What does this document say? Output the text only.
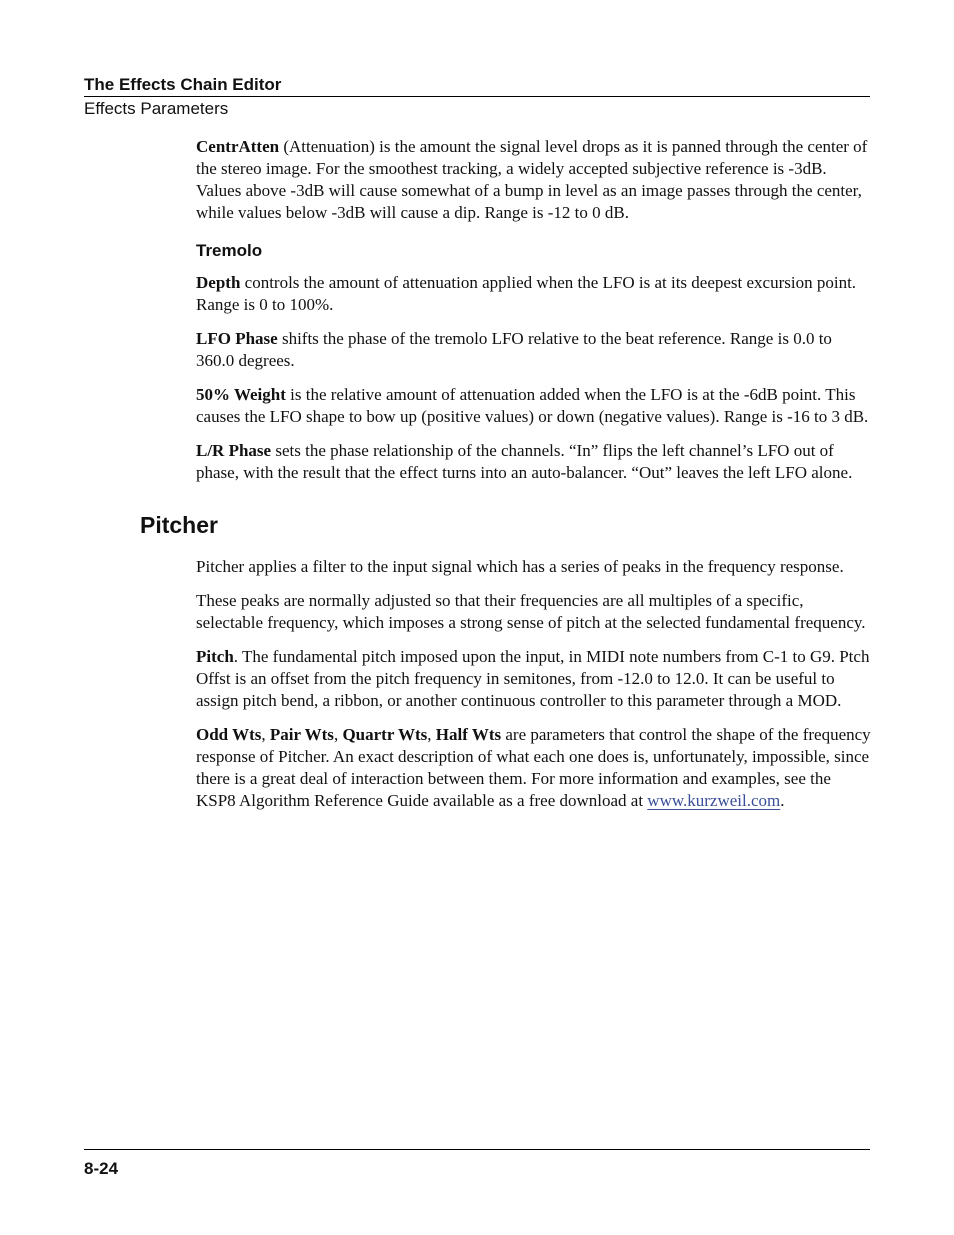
The Effects Chain Editor
Effects Parameters

CentrAtten (Attenuation) is the amount the signal level drops as it is panned through the center of the stereo image. For the smoothest tracking, a widely accepted subjective reference is -3dB. Values above -3dB will cause somewhat of a bump in level as an image passes through the center, while values below -3dB will cause a dip. Range is -12 to 0 dB.

Tremolo

Depth controls the amount of attenuation applied when the LFO is at its deepest excursion point. Range is 0 to 100%.

LFO Phase shifts the phase of the tremolo LFO relative to the beat reference. Range is 0.0 to 360.0 degrees.

50% Weight is the relative amount of attenuation added when the LFO is at the -6dB point. This causes the LFO shape to bow up (positive values) or down (negative values). Range is -16 to 3 dB.

L/R Phase sets the phase relationship of the channels. “In” flips the left channel’s LFO out of phase, with the result that the effect turns into an auto-balancer. “Out” leaves the left LFO alone.

Pitcher

Pitcher applies a filter to the input signal which has a series of peaks in the frequency response.

These peaks are normally adjusted so that their frequencies are all multiples of a specific, selectable frequency, which imposes a strong sense of pitch at the selected fundamental frequency.

Pitch. The fundamental pitch imposed upon the input, in MIDI note numbers from C-1 to G9. Ptch Offst is an offset from the pitch frequency in semitones, from -12.0 to 12.0. It can be useful to assign pitch bend, a ribbon, or another continuous controller to this parameter through a MOD.

Odd Wts, Pair Wts, Quartr Wts, Half Wts are parameters that control the shape of the frequency response of Pitcher. An exact description of what each one does is, unfortunately, impossible, since there is a great deal of interaction between them. For more information and examples, see the KSP8 Algorithm Reference Guide available as a free download at www.kurzweil.com.

8-24
